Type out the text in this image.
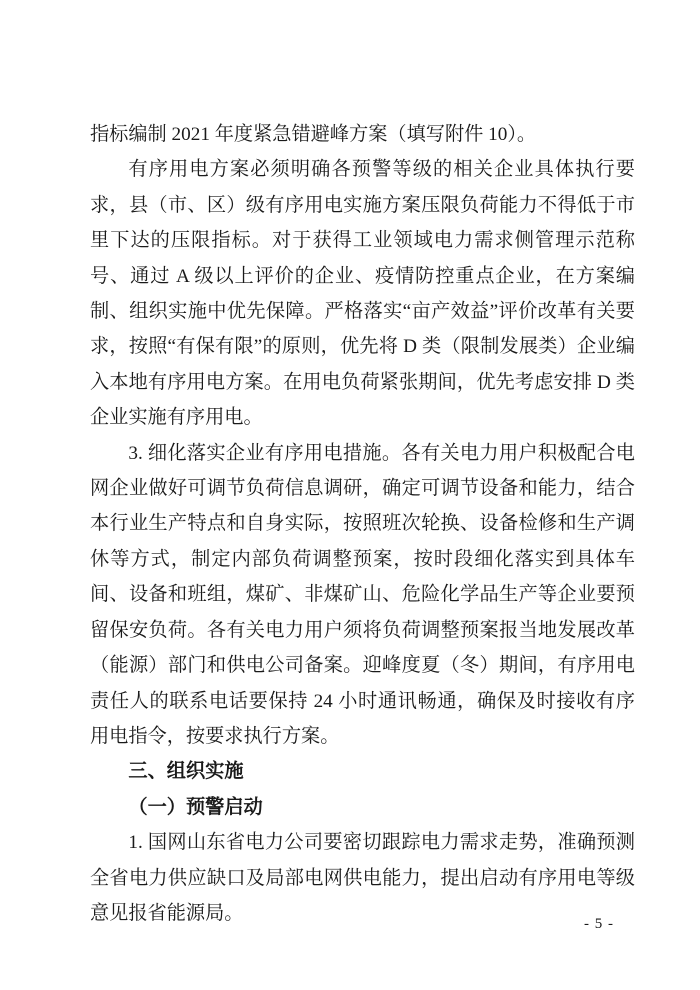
指标编制 2021 年度紧急错避峰方案（填写附件 10）。

有序用电方案必须明确各预警等级的相关企业具体执行要求，县（市、区）级有序用电实施方案压限负荷能力不得低于市里下达的压限指标。对于获得工业领域电力需求侧管理示范称号、通过 A 级以上评价的企业、疫情防控重点企业，在方案编制、组织实施中优先保障。严格落实“亩产效益”评价改革有关要求，按照“有保有限”的原则，优先将 D 类（限制发展类）企业编入本地有序用电方案。在用电负荷紧张期间，优先考虑安排 D 类企业实施有序用电。

3. 细化落实企业有序用电措施。各有关电力用户积极配合电网企业做好可调节负荷信息调研，确定可调节设备和能力，结合本行业生产特点和自身实际，按照班次轮换、设备检修和生产调休等方式，制定内部负荷调整预案，按时段细化落实到具体车间、设备和班组，煤矿、非煤矿山、危险化学品生产等企业要预留保安负荷。各有关电力用户须将负荷调整预案报当地发展改革（能源）部门和供电公司备案。迎峰度夏（冬）期间，有序用电责任人的联系电话要保持 24 小时通讯畅通，确保及时接收有序用电指令，按要求执行方案。

三、组织实施
（一）预警启动

1. 国网山东省电力公司要密切跟踪电力需求走势，准确预测全省电力供应缺口及局部电网供电能力，提出启动有序用电等级意见报省能源局。

- 5 -
